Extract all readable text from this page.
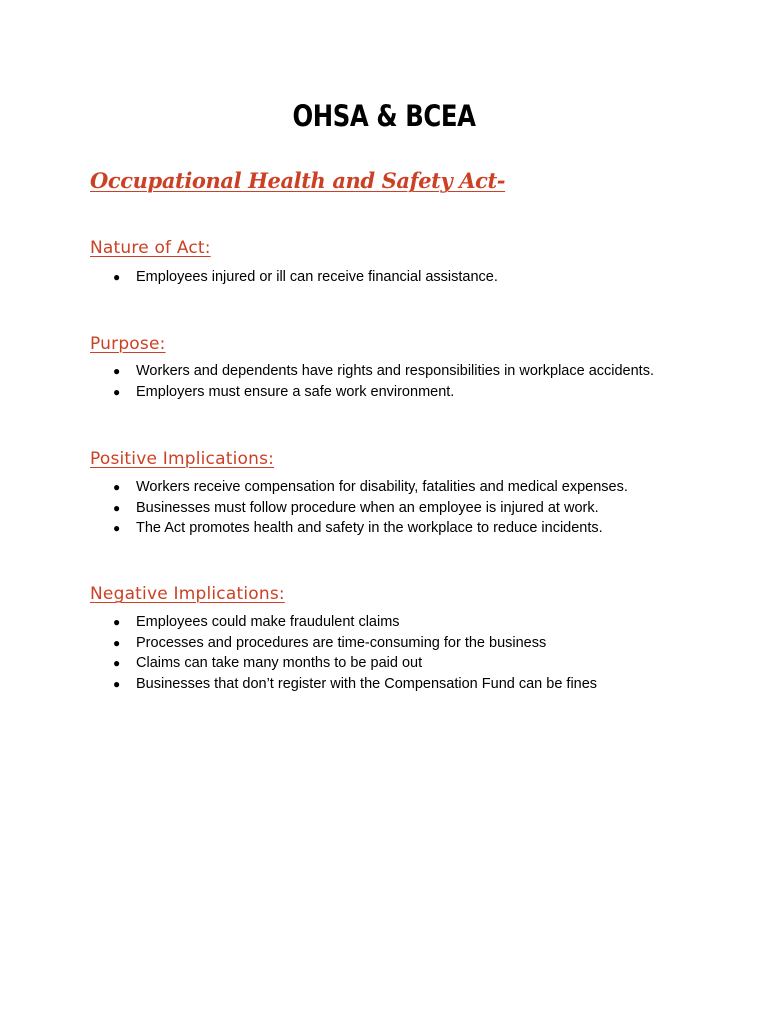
OHSA & BCEA
Occupational Health and Safety Act-
Nature of Act:
● Employees injured or ill can receive financial assistance.
Purpose:
● Workers and dependents have rights and responsibilities in workplace accidents.
● Employers must ensure a safe work environment.
Positive Implications:
● Workers receive compensation for disability, fatalities and medical expenses.
● Businesses must follow procedure when an employee is injured at work.
● The Act promotes health and safety in the workplace to reduce incidents.
Negative Implications:
● Employees could make fraudulent claims
● Processes and procedures are time-consuming for the business
● Claims can take many months to be paid out
● Businesses that don’t register with the Compensation Fund can be fines
